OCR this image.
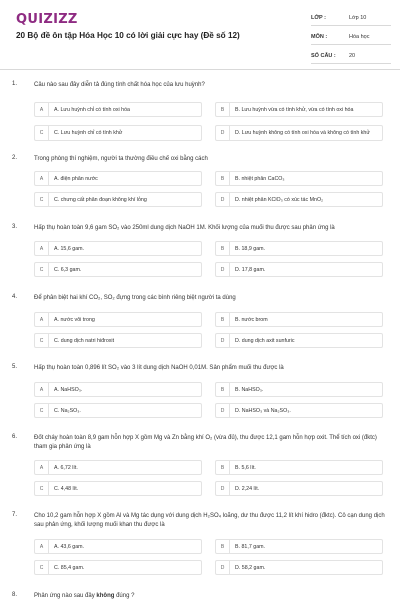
QUIZIZZ
20 Bộ đề ôn tập Hóa Học 10 có lời giải cực hay (Đề số 12)
LỚP :	Lớp 10
MÔN :	Hóa học
SỐ CÂU :	20
1.	Câu nào sau đây diễn tả đúng tính chất hóa học của lưu huỳnh?
A	A. Lưu huỳnh chỉ có tính oxi hóa	B	B. Lưu huỳnh vừa có tính khử, vừa có tính oxi hóa
C	C. Lưu huỳnh chỉ có tính khử	D	D. Lưu huỳnh không có tính oxi hóa và không có tính khử
2.	Trong phòng thí nghiệm, người ta thường điều chế oxi bằng cách
A	A. điện phân nước	B	B. nhiệt phân CaCO₃
C	C. chưng cất phân đoạn không khí lỏng	D	D. nhiệt phân KClO₃ có xúc tác MnO₂
3.	Hấp thụ hoàn toàn 9,6 gam SO₂ vào 250ml dung dịch NaOH 1M. Khối lượng của muối thu được sau phản ứng là
A	A. 15,6 gam.	B	B. 18,9 gam.
C	C. 6,3 gam.	D	D. 17,8 gam.
4.	Để phân biệt hai khí CO₂, SO₂ đựng trong các bình riêng biệt người ta dùng
A	A. nước vôi trong	B	B. nước brom
C	C. dung dịch natri hiđroxit	D	D. dung dịch axit sunfuric
5.	Hấp thụ hoàn toàn 0,896 lít SO₂ vào 3 lít dung dịch NaOH 0,01M. Sản phẩm muối thu được là
A	A. NaHSO₃.	B	B. NaHSO₃.
C	C. Na₂SO₃.	D	D. NaHSO₃ và Na₂SO₃.
6.	Đốt cháy hoàn toàn 8,9 gam hỗn hợp X gồm Mg và Zn bằng khí O₂ (vừa đủ), thu được 12,1 gam hỗn hợp oxit. Thể tích oxi (đktc) tham gia phản ứng là
A	A. 6,72 lít.	B	B. 5,6 lít.
C	C. 4,48 lít.	D	D. 2,24 lít.
7.	Cho 10,2 gam hỗn hợp X gồm Al và Mg tác dụng với dung dịch H₂SO₄ loãng, dư thu được 11,2 lít khí hidro (đktc). Cô cạn dung dịch sau phản ứng, khối lượng muối khan thu được là
A	A. 43,6 gam.	B	B. 81,7 gam.
C	C. 85,4 gam.	D	D. 58,2 gam.
8.	Phản ứng nào sau đây không đúng ?
